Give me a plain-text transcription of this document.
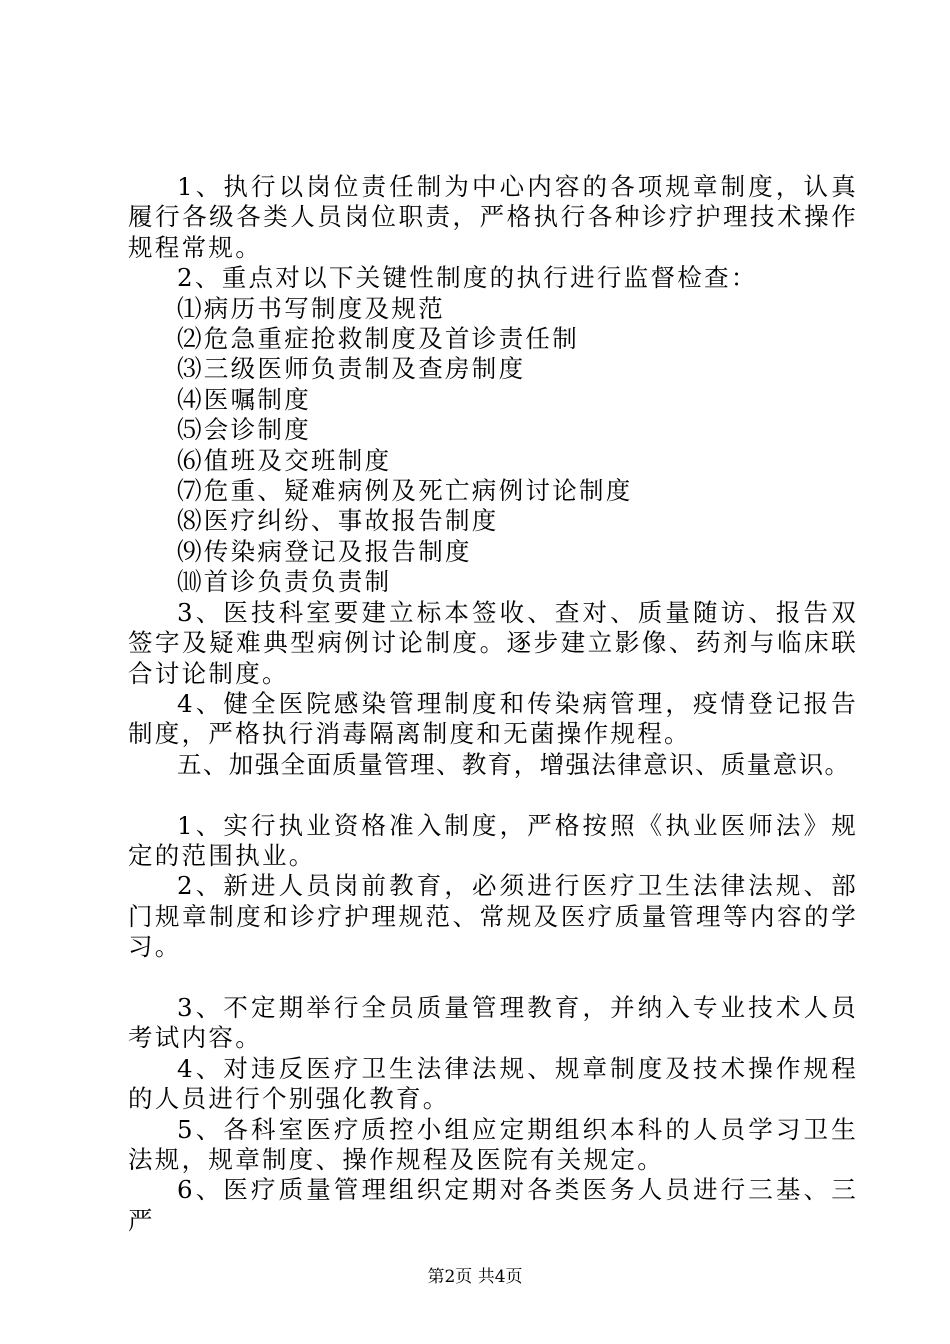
1、执行以岗位责任制为中心内容的各项规章制度，认真履行各级各类人员岗位职责，严格执行各种诊疗护理技术操作规程常规。

2、重点对以下关键性制度的执行进行监督检查：

⑴病历书写制度及规范

⑵危急重症抢救制度及首诊责任制

⑶三级医师负责制及查房制度

⑷医嘱制度

⑸会诊制度

⑹值班及交班制度

⑺危重、疑难病例及死亡病例讨论制度

⑻医疗纠纷、事故报告制度

⑼传染病登记及报告制度

⑽首诊负责负责制

3、医技科室要建立标本签收、查对、质量随访、报告双签字及疑难典型病例讨论制度。逐步建立影像、药剂与临床联合讨论制度。

4、健全医院感染管理制度和传染病管理，疫情登记报告制度，严格执行消毒隔离制度和无菌操作规程。

五、加强全面质量管理、教育，增强法律意识、质量意识。

1、实行执业资格准入制度，严格按照《执业医师法》规定的范围执业。

2、新进人员岗前教育，必须进行医疗卫生法律法规、部门规章制度和诊疗护理规范、常规及医疗质量管理等内容的学习。

3、不定期举行全员质量管理教育，并纳入专业技术人员考试内容。

4、对违反医疗卫生法律法规、规章制度及技术操作规程的人员进行个别强化教育。

5、各科室医疗质控小组应定期组织本科的人员学习卫生法规，规章制度、操作规程及医院有关规定。

6、医疗质量管理组织定期对各类医务人员进行三基、三严

第2页 共4页
